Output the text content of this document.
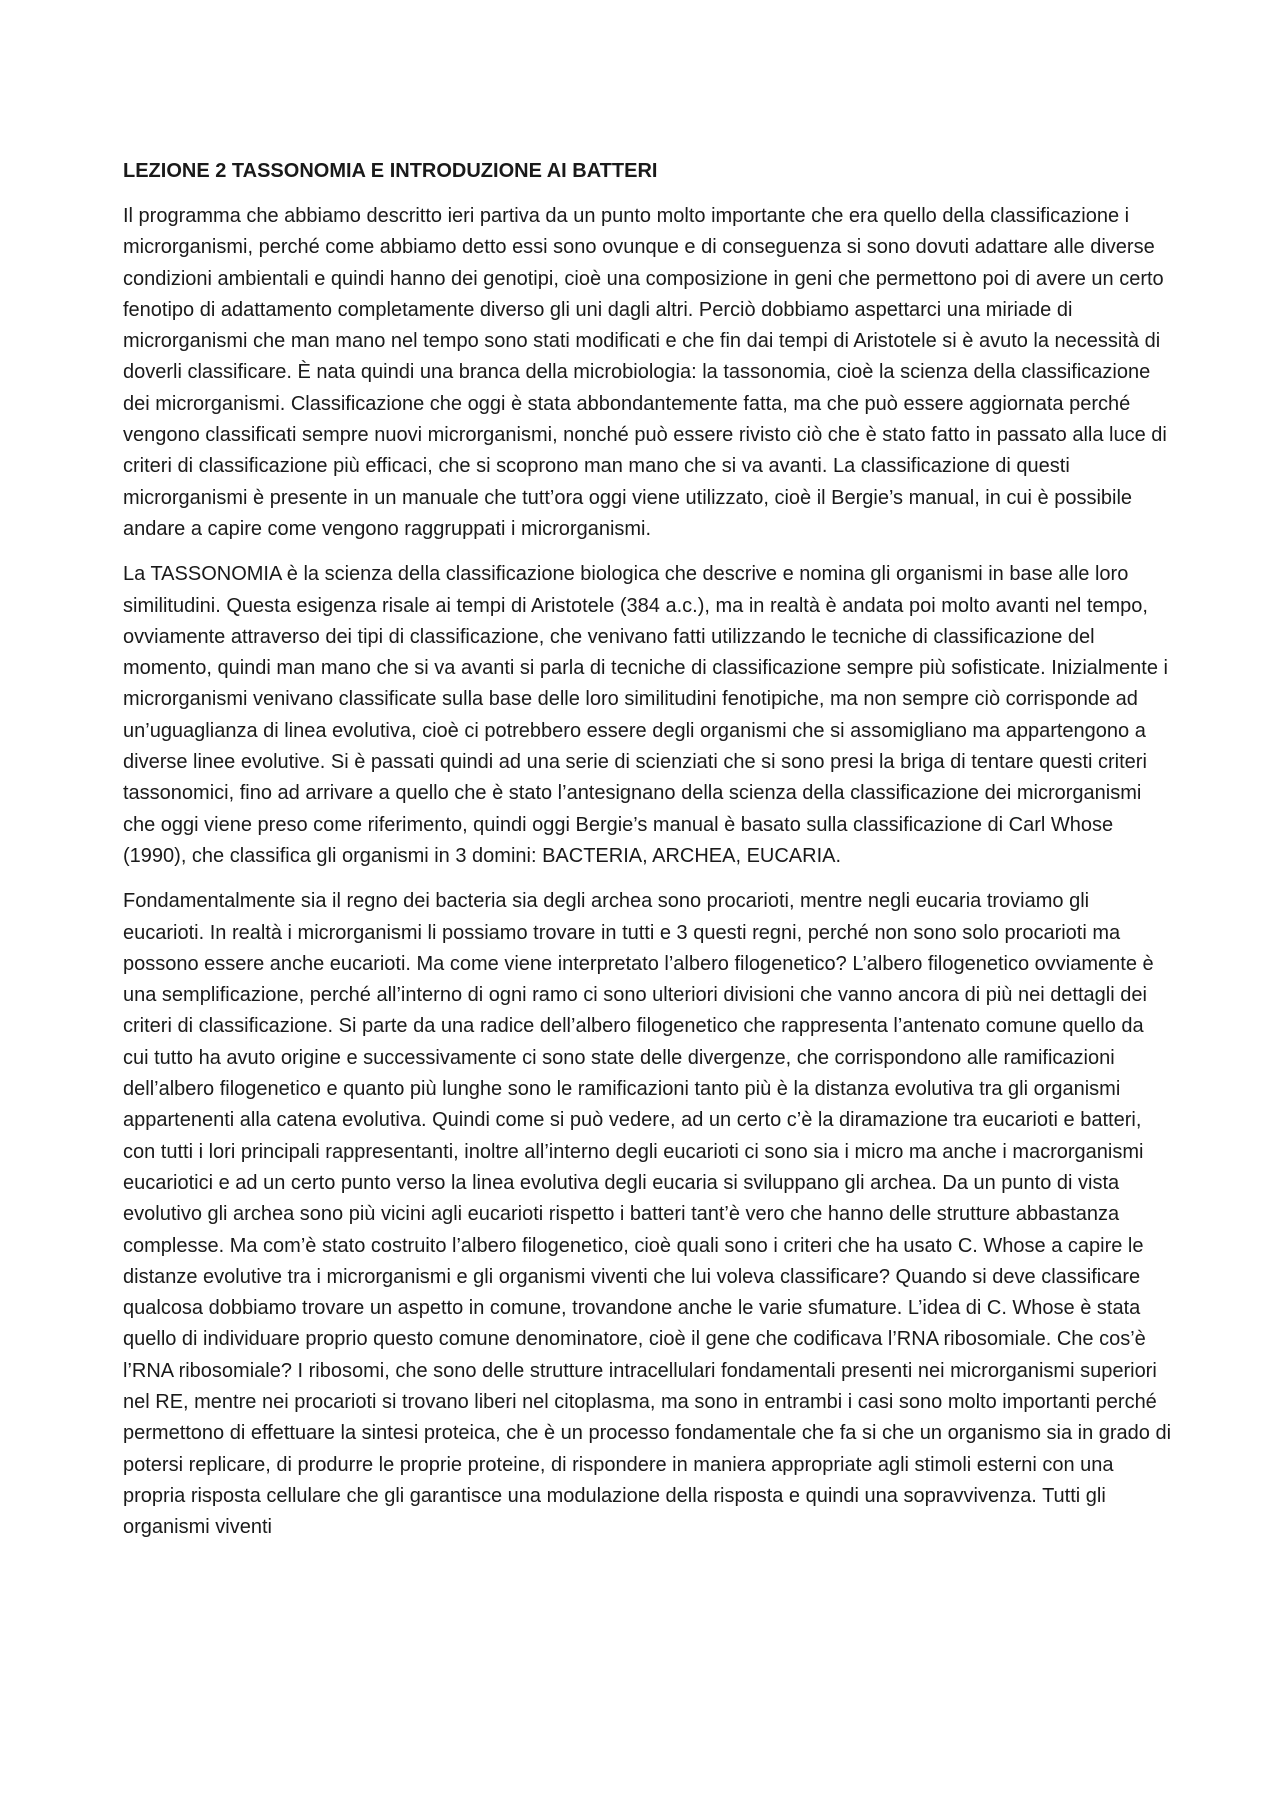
LEZIONE 2 TASSONOMIA E INTRODUZIONE AI BATTERI

Il programma che abbiamo descritto ieri partiva da un punto molto importante che era quello della classificazione i microrganismi, perché come abbiamo detto essi sono ovunque e di conseguenza si sono dovuti adattare alle diverse condizioni ambientali e quindi hanno dei genotipi, cioè una composizione in geni che permettono poi di avere un certo fenotipo di adattamento completamente diverso gli uni dagli altri. Perciò dobbiamo aspettarci una miriade di microrganismi che man mano nel tempo sono stati modificati e che fin dai tempi di Aristotele si è avuto la necessità di doverli classificare. È nata quindi una branca della microbiologia: la tassonomia, cioè la scienza della classificazione dei microrganismi. Classificazione che oggi è stata abbondantemente fatta, ma che può essere aggiornata perché vengono classificati sempre nuovi microrganismi, nonché può essere rivisto ciò che è stato fatto in passato alla luce di criteri di classificazione più efficaci, che si scoprono man mano che si va avanti. La classificazione di questi microrganismi è presente in un manuale che tutt’ora oggi viene utilizzato, cioè il Bergie’s manual, in cui è possibile andare a capire come vengono raggruppati i microrganismi.

La TASSONOMIA è la scienza della classificazione biologica che descrive e nomina gli organismi in base alle loro similitudini. Questa esigenza risale ai tempi di Aristotele (384 a.c.), ma in realtà è andata poi molto avanti nel tempo, ovviamente attraverso dei tipi di classificazione, che venivano fatti utilizzando le tecniche di classificazione del momento, quindi man mano che si va avanti si parla di tecniche di classificazione sempre più sofisticate. Inizialmente i microrganismi venivano classificate sulla base delle loro similitudini fenotipiche, ma non sempre ciò corrisponde ad un’uguaglianza di linea evolutiva, cioè ci potrebbero essere degli organismi che si assomigliano ma appartengono a diverse linee evolutive. Si è passati quindi ad una serie di scienziati che si sono presi la briga di tentare questi criteri tassonomici, fino ad arrivare a quello che è stato l’antesignano della scienza della classificazione dei microrganismi che oggi viene preso come riferimento, quindi oggi Bergie’s manual è basato sulla classificazione di Carl Whose (1990), che classifica gli organismi in 3 domini: BACTERIA, ARCHEA, EUCARIA.

Fondamentalmente sia il regno dei bacteria sia degli archea sono procarioti, mentre negli eucaria troviamo gli eucarioti. In realtà i microrganismi li possiamo trovare in tutti e 3 questi regni, perché non sono solo procarioti ma possono essere anche eucarioti. Ma come viene interpretato l’albero filogenetico? L’albero filogenetico ovviamente è una semplificazione, perché all’interno di ogni ramo ci sono ulteriori divisioni che vanno ancora di più nei dettagli dei criteri di classificazione. Si parte da una radice dell’albero filogenetico che rappresenta l’antenato comune quello da cui tutto ha avuto origine e successivamente ci sono state delle divergenze, che corrispondono alle ramificazioni dell’albero filogenetico e quanto più lunghe sono le ramificazioni tanto più è la distanza evolutiva tra gli organismi appartenenti alla catena evolutiva. Quindi come si può vedere, ad un certo c’è la diramazione tra eucarioti e batteri, con tutti i lori principali rappresentanti, inoltre all’interno degli eucarioti ci sono sia i micro ma anche i macrorganismi eucariotici e ad un certo punto verso la linea evolutiva degli eucaria si sviluppano gli archea. Da un punto di vista evolutivo gli archea sono più vicini agli eucarioti rispetto i batteri tant’è vero che hanno delle strutture abbastanza complesse. Ma com’è stato costruito l’albero filogenetico, cioè quali sono i criteri che ha usato C. Whose a capire le distanze evolutive tra i microrganismi e gli organismi viventi che lui voleva classificare? Quando si deve classificare qualcosa dobbiamo trovare un aspetto in comune, trovandone anche le varie sfumature. L’idea di C. Whose è stata quello di individuare proprio questo comune denominatore, cioè il gene che codificava l’RNA ribosomiale. Che cos’è l’RNA ribosomiale? I ribosomi, che sono delle strutture intracellulari fondamentali presenti nei microrganismi superiori nel RE, mentre nei procarioti si trovano liberi nel citoplasma, ma sono in entrambi i casi sono molto importanti perché permettono di effettuare la sintesi proteica, che è un processo fondamentale che fa si che un organismo sia in grado di potersi replicare, di produrre le proprie proteine, di rispondere in maniera appropriate agli stimoli esterni con una propria risposta cellulare che gli garantisce una modulazione della risposta e quindi una sopravvivenza. Tutti gli organismi viventi
